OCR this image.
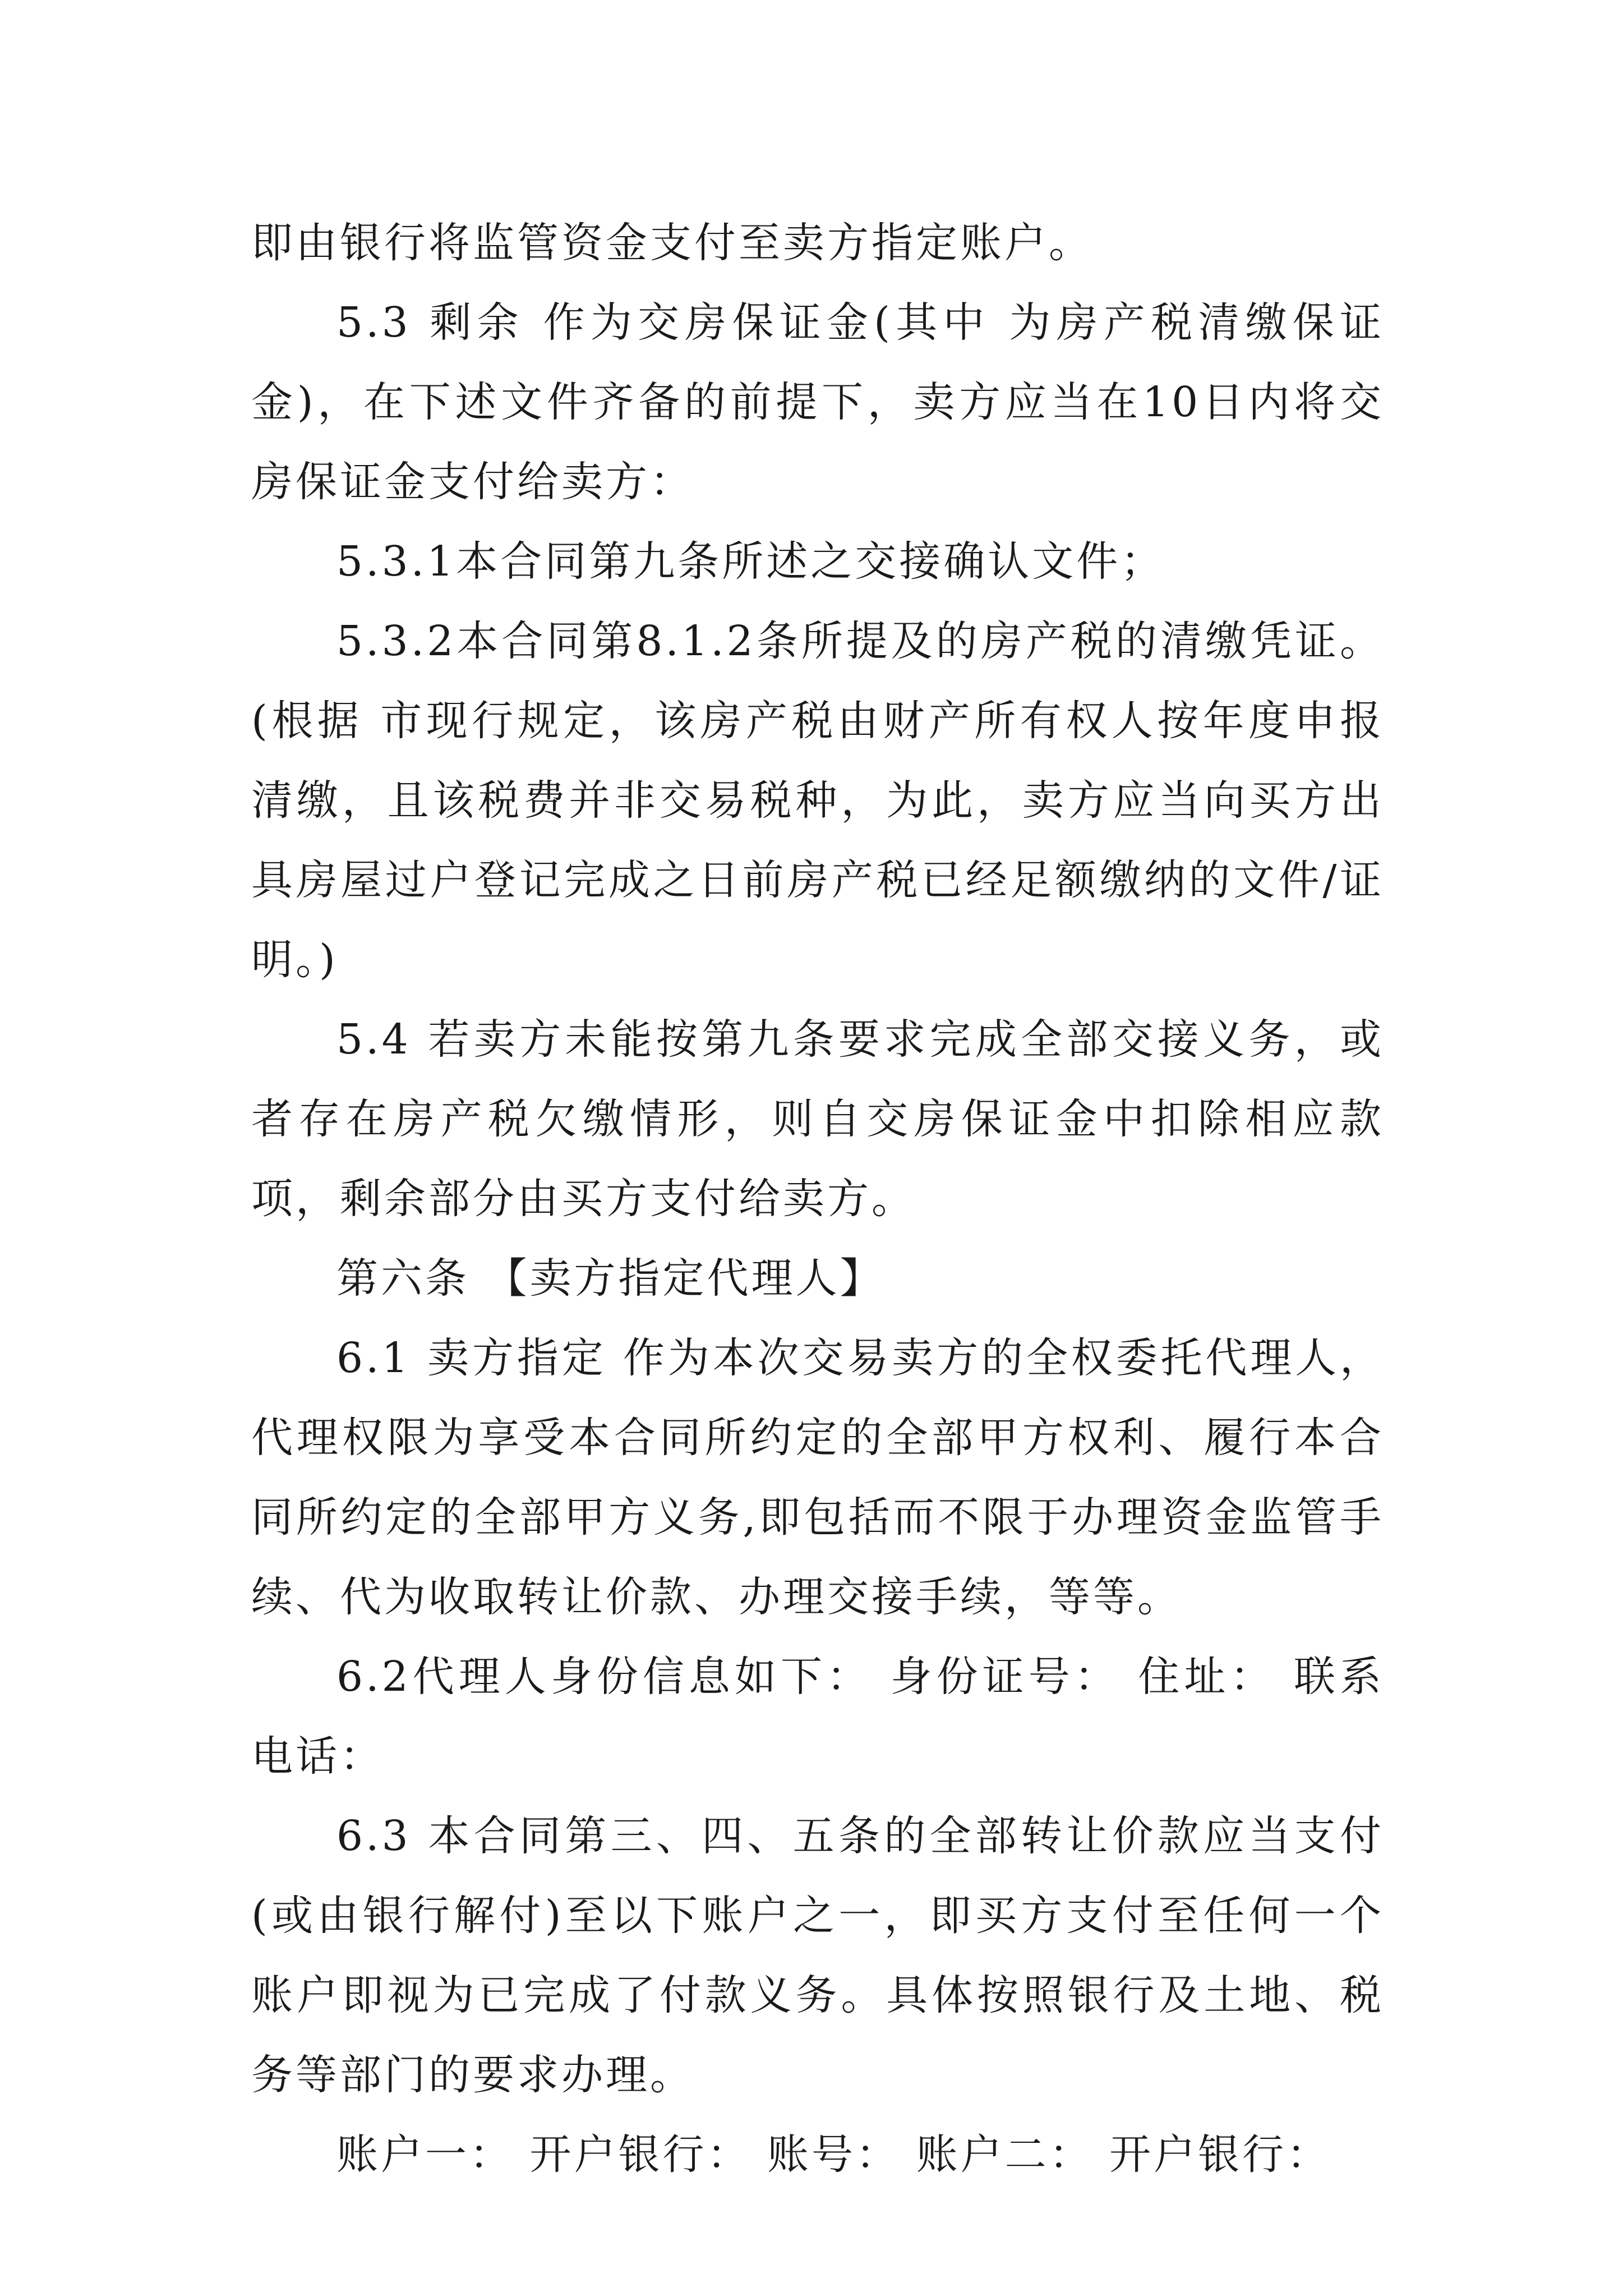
即由银行将监管资金支付至卖方指定账户。

5.3 剩余 作为交房保证金(其中 为房产税清缴保证金)，在下述文件齐备的前提下，卖方应当在10日内将交房保证金支付给卖方：

5.3.1本合同第九条所述之交接确认文件；

5.3.2本合同第8.1.2条所提及的房产税的清缴凭证。(根据 市现行规定，该房产税由财产所有权人按年度申报清缴，且该税费并非交易税种，为此，卖方应当向买方出具房屋过户登记完成之日前房产税已经足额缴纳的文件/证明。)

5.4 若卖方未能按第九条要求完成全部交接义务，或者存在房产税欠缴情形，则自交房保证金中扣除相应款项，剩余部分由买方支付给卖方。

第六条 【卖方指定代理人】

6.1 卖方指定 作为本次交易卖方的全权委托代理人，代理权限为享受本合同所约定的全部甲方权利、履行本合同所约定的全部甲方义务,即包括而不限于办理资金监管手续、代为收取转让价款、办理交接手续，等等。

6.2代理人身份信息如下： 身份证号： 住址： 联系电话：

6.3 本合同第三、四、五条的全部转让价款应当支付(或由银行解付)至以下账户之一，即买方支付至任何一个账户即视为已完成了付款义务。具体按照银行及土地、税务等部门的要求办理。

账户一： 开户银行： 账号： 账户二： 开户银行：
